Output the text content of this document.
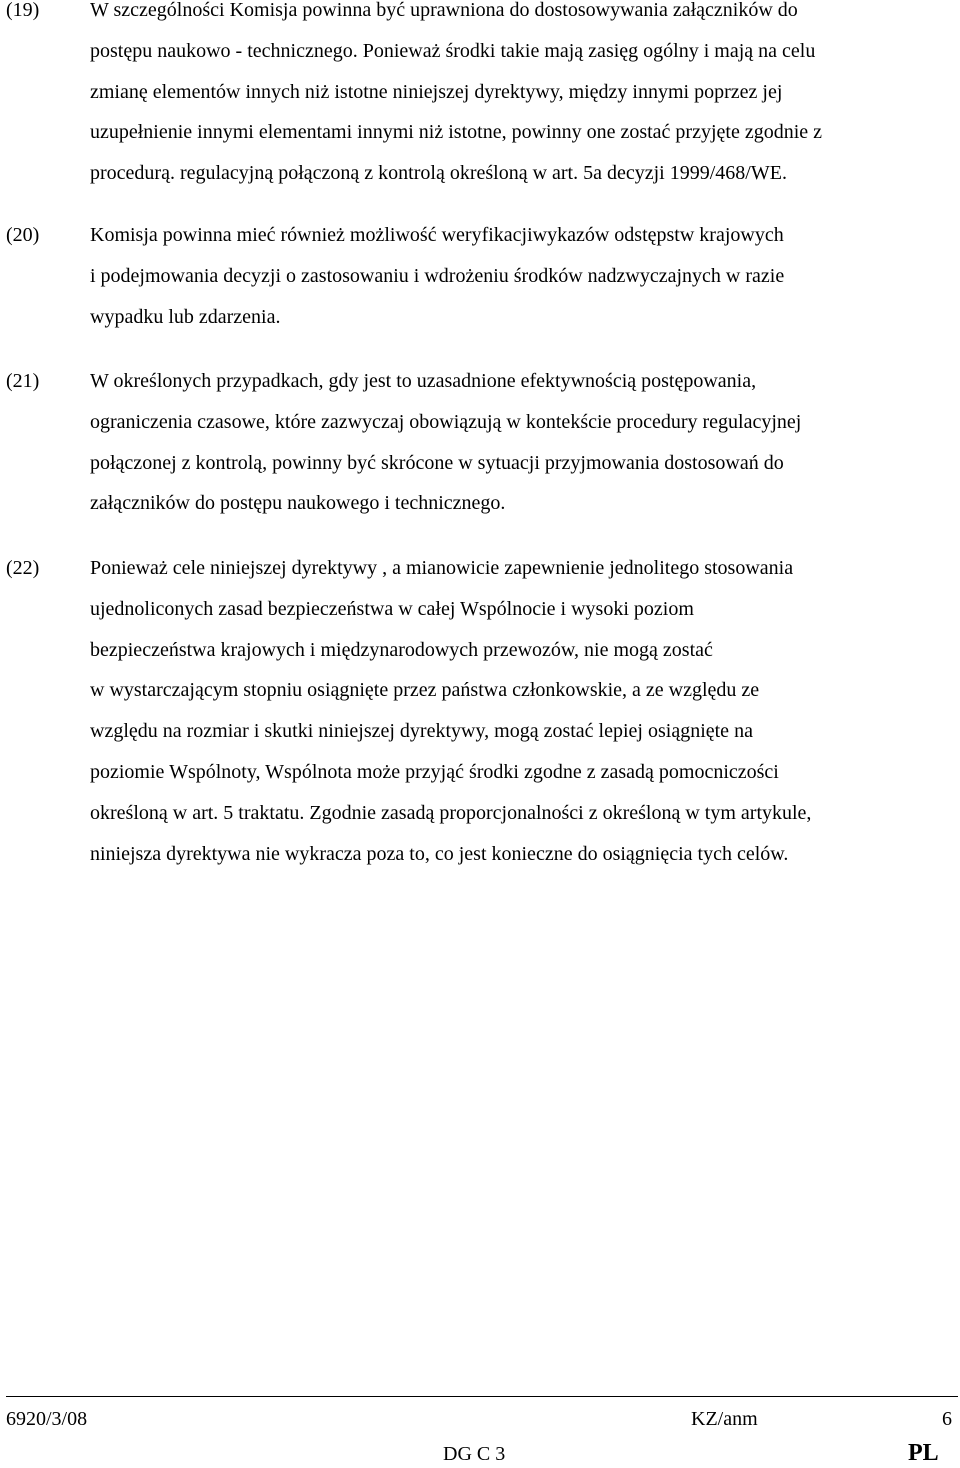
(19)	W szczególności Komisja powinna być uprawniona do dostosowywania załączników do
postępu naukowo - technicznego. Ponieważ środki takie mają zasięg ogólny i mają na celu
zmianę elementów innych niż istotne niniejszej dyrektywy, między innymi poprzez jej
uzupełnienie innymi elementami innymi niż istotne, powinny one zostać przyjęte zgodnie z
procedurą. regulacyjną połączoną z kontrolą określoną w art. 5a decyzji 1999/468/WE.
(20)	Komisja powinna mieć również możliwość weryfikacjiwykazów odstępstw krajowych
i podejmowania decyzji o zastosowaniu i wdrożeniu środków nadzwyczajnych w razie
wypadku lub zdarzenia.
(21)	W określonych przypadkach, gdy jest to uzasadnione efektywnością postępowania,
ograniczenia czasowe, które zazwyczaj obowiązują w kontekście procedury regulacyjnej
połączonej z kontrolą, powinny być skrócone w sytuacji przyjmowania dostosowań do
załączników do postępu naukowego i technicznego.
(22)	Ponieważ cele niniejszej dyrektywy , a mianowicie zapewnienie jednolitego stosowania
ujednoliconych zasad bezpieczeństwa w całej Wspólnocie i wysoki poziom
bezpieczeństwa krajowych i międzynarodowych przewozów, nie mogą zostać
w wystarczającym stopniu osiągnięte przez państwa członkowskie, a ze względu ze
względu na rozmiar i skutki niniejszej dyrektywy, mogą zostać lepiej osiągnięte na
poziomie Wspólnoty, Wspólnota może przyjąć środki zgodne z zasadą pomocniczości
określoną w art. 5 traktatu. Zgodnie zasadą proporcjonalności z określoną w tym artykule,
niniejsza dyrektywa nie wykracza poza to, co jest konieczne do osiągnięcia tych celów.
6920/3/08	KZ/anm	6
DG C 3	PL
